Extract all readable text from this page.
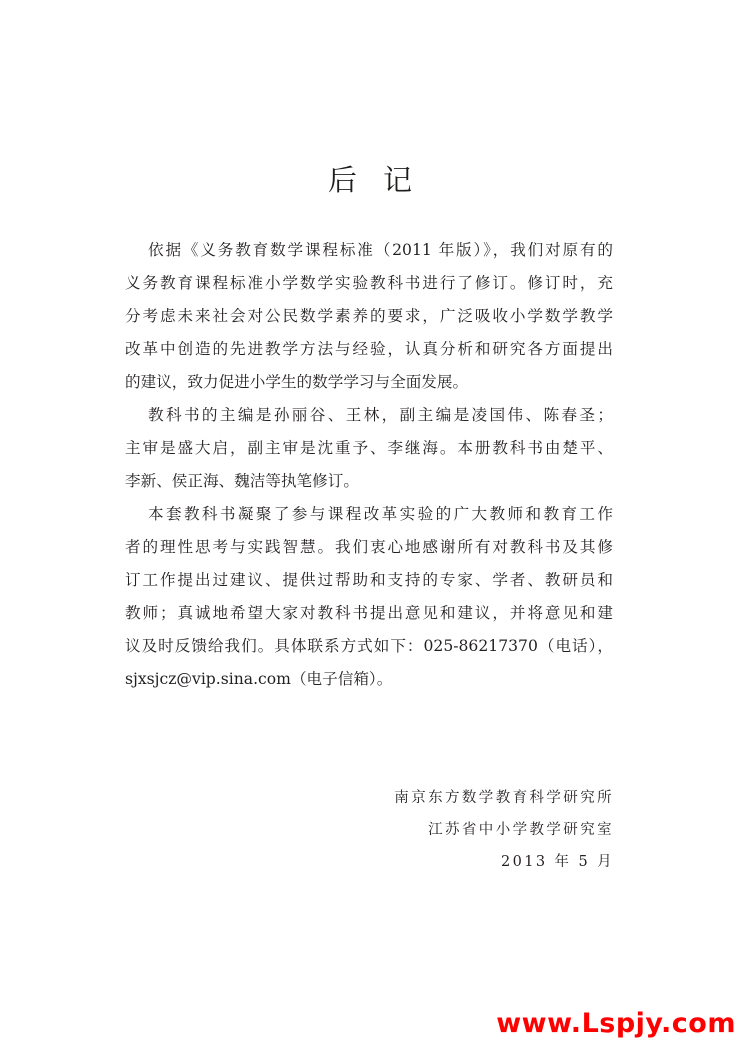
后记
依据《义务教育数学课程标准（2011 年版）》，我们对原有的
义务教育课程标准小学数学实验教科书进行了修订。修订时，充
分考虑未来社会对公民数学素养的要求，广泛吸收小学数学教学
改革中创造的先进教学方法与经验，认真分析和研究各方面提出
的建议，致力促进小学生的数学学习与全面发展。
教科书的主编是孙丽谷、王林，副主编是凌国伟、陈春圣；
主审是盛大启，副主审是沈重予、李继海。本册教科书由楚平、
李新、侯正海、魏洁等执笔修订。
本套教科书凝聚了参与课程改革实验的广大教师和教育工作
者的理性思考与实践智慧。我们衷心地感谢所有对教科书及其修
订工作提出过建议、提供过帮助和支持的专家、学者、教研员和
教师；真诚地希望大家对教科书提出意见和建议，并将意见和建
议及时反馈给我们。具体联系方式如下：025-86217370（电话），
sjxsjcz@vip.sina.com（电子信箱）。
南京东方数学教育科学研究所
江苏省中小学教学研究室
2013 年 5 月
www.Lspjy.com
